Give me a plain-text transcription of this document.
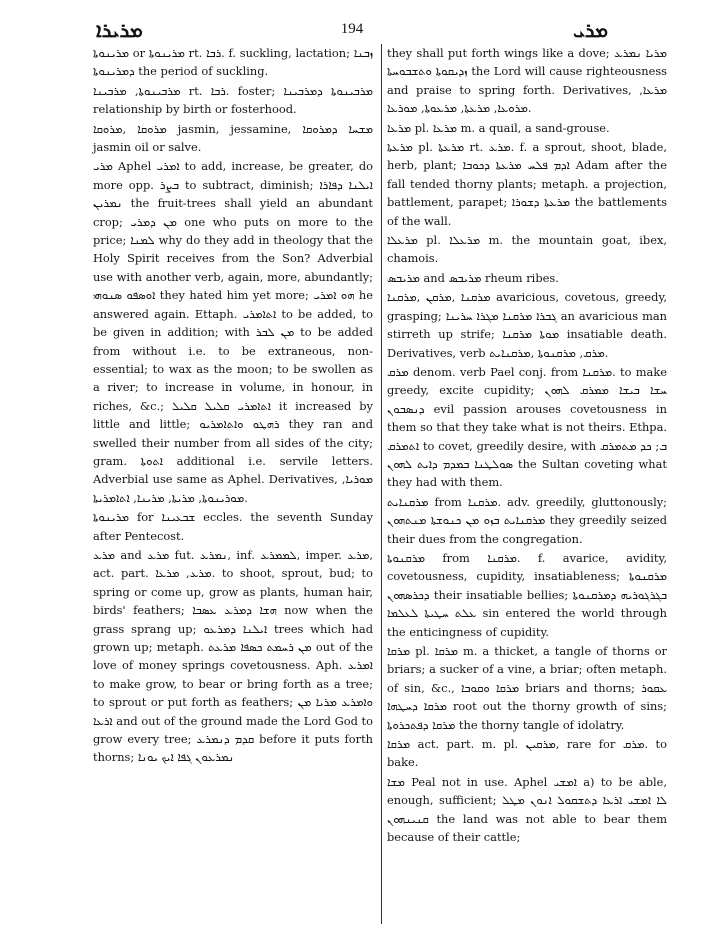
ܡܪܝܪܐ	194	ܡܪܝ
ܡܪܝܢܘܬܐ or ܡܪܝܢܘܬܐ rt. ܪܒܐ. f. suckling, lactation; ܙܒܢܐ ܕܡܪܝܢܘܬܐ the period of suckling.
ܡܪܒܝܢܘܬܐ, ܡܪܒܝܢܐ rt. ܪܒܐ. foster; ܡܪܒܝܢܘܬܐ ܕܡܪܒܝܢܐ relationship by birth or fosterhood.
ܡܪܘܩܐ ,ܡܪܘܩܐ jasmin, jessamine, ܡܫܚܐ ܕܡܪܘܩܐ jasmin oil or salve.
ܡܪܝ Aphel ܐܡܪܝ to add, increase, be greater, do more opp. ܒܨܪ to subtract, diminish; ܐܝܠܢܐ ܕܦܐܪܐ ܢܡܪܝܢ the fruit-trees shall yield an abundant crop; ܡܢ ܕܡܪܝ one who puts on more to the price; ܠܡܢܐ why do they add in theology that the Holy Spirit receives from the Son? Adverbial use with another verb, again, more, abundantly; ܐܘܣܦܘ ܣܢܘܗܝ they hated him yet more; ܗܘ ܐܡܪܝ he answered again. Ettaph. ܐܬܐܡܪܝ to be added, to be given in addition; with ܡܢ ܠܒܪ to be added from without i.e. to be extraneous, non-essential; to wax as the moon; to be swollen as a river; to increase in volume, in honour, in riches, &c.; ܐܬܐܡܪܝ ܩܠܝܠ ܩܠܝܠ it increased by little and little; ܪܗܛܘ ܘܐܬܐܡܪܝܘ they ran and swelled their number from all sides of the city; gram. ܐܬܘܬܐ additional i.e. servile letters. Adverbial use same as Aphel. Derivatives, ܡܘܪܝܐ, ܡܘܪܝܢܘܬܐ, ܡܪܝܬܐ, ܡܪܝܢܐ, ܐܬܐܡܪܝܬܐ.
ܡܪܝܢܘܬܐ for ܫܒܥܝܢܐ eccles. the seventh Sunday after Pentecost.
ܡܪܥ and ܡܪܥ fut. ܢܡܪܥ, inf. ܠܡܡܪܥ, imper. ܡܪܥ, act. part. ܡܪܥ, ܡܪܥܐ. to shoot, sprout, bud; to spring or come up, grow as plants, human hair, birds' feathers; ܗܫܐ ܕܡܪܥ ܥܣܒܐ now when the grass sprang up; ܐܝܠܢܐ ܕܡܪܥܘ trees which had grown up; metaph. ܡܢ ܪܚܡܬ ܟܣܦܐ ܡܪܥܬ out of the love of money springs covetousness. Aph. ܐܡܪܥ to make grow, to bear or bring forth as a tree; to sprout or put forth as feathers; ܘܐܡܪܥ ܡܪܝܐ ܡܢ ܐܪܥܐ and out of the ground made the Lord God to grow every tree; ܩܕܡ ܕܢܡܪܥ before it puts forth thorns; ܢܡܪܥܘܢ ܓܦܐ ܐܝܟ ܝܘܢܐ
they shall put forth wings like a dove; ܡܪܝܐ ܢܡܪܥ ܙܕܝܩܘܬܐ ܘܬܫܒܘܚܬܐ the Lord will cause righteousness and praise to spring forth. Derivatives, ܡܪܥܐ, ܡܪܘܥܐ, ܡܪܥܬܐ, ܡܪܥܘܬܐ, ܡܘܪܥܐ.
ܡܪܥܐ pl. ܡܪܥܐ m. a quail, a sand-grouse.
ܡܪܥܬܐ pl. ܡܪܥܬܐ rt. ܡܪܥ. f. a sprout, shoot, blade, herb, plant; ܐܕܡ ܦܠܚ ܡܪܥܬܐ ܕܟܘܒܐ Adam after the fall tended thorny plants; metaph. a projection, battlement, parapet; ܡܪܥܬܐ ܕܫܘܪܐ the battlements of the wall.
ܡܪܥܠܐ pl. ܡܪܥܠܐ m. the mountain goat, ibex, chamois.
ܡܪܝܒܣ and ܡܪܝܒܣ rheum ribes.
ܡܪܩܢܐ ,ܡܪܩܢ ,ܡܪܩܢܐ avaricious, covetous, greedy, grasping; ܓܒܪܐ ܡܪܩܢܐ ܡܓܪܐ ܚܪܝܢܐ an avaricious man stirreth up strife; ܡܘܬܐ ܡܪܩܢܐ insatiable death. Derivatives, verb ܡܪܩ, ܡܪܩܢܘܬܐ ,ܡܪܩܢܐܝܬ.
ܡܪܩ denom. verb Pael conj. from ܡܪܩܢܐ. to make greedy, excite cupidity; ܚܫܐ ܒܝܫܐ ܡܡܪܩ ܠܗܘܢ ܕܢܣܒܘܢ evil passion arouses covetousness in them so that they take what is not theirs. Ethpa. ܐܬܡܪܩ to covet, greedily desire, with ܒ; ܟܕ ܡܬܡܪܩ ܣܘܠܛܢܐ ܒܡܕܡ ܕܐܝܬ ܠܗܘܢ the Sultan coveting what they had with them.
ܡܪܩܢܐܝܬ from ܡܪܩܢܐ. adv. greedily, gluttonously; ܡܪܩܢܐܝܬ ܒܙܘ ܡܢ ܟܢܘܫܬܐ ܡܢܬܗܘܢ they greedily seized their dues from the congregation.
ܡܪܩܢܘܬܐ from ܡܪܩܢܐ. f. avarice, avidity, covetousness, cupidity, insatiableness; ܡܪܩܢܘܬܐ ܕܟܪܣܗܘܢ their insatiable bellies; ܒܓܪܓܘܪܝܗ ܕܡܪܩܢܘܬܐ ܥܠܬ ܚܛܝܬܐ ܠܥܠܡܐ sin entered the world through the enticingness of cupidity.
ܡܪܩܐ pl. ܡܪܩܐ m. a thicket, a tangle of thorns or briars; a sucker of a vine, a briar; often metaph. of sin, &c., ܡܪܩܐ ܘܩܘܒܐ briars and thorns; ܥܩܘܪ ܡܪܩܐ ܕܚܛܗܐ root out the thorny growth of sins; ܡܪܩܐ ܕܦܬܟܪܘܬܐ the thorny tangle of idolatry.
ܡܪܩܐ act. part. m. pl. ܡܪܩܝܢ, rare for ܡܪܩ. to bake.
ܡܫܐ Peal not in use. Aphel ܐܡܫܝ a) to be able, enough, sufficient; ܠܐ ܐܡܫܝ ܐܪܥܐ ܕܬܫܩܘܠ ܐܢܘܢ ܡܛܠ ܩܢܝܢܗܘܢ the land was not able to bear them because of their cattle;
